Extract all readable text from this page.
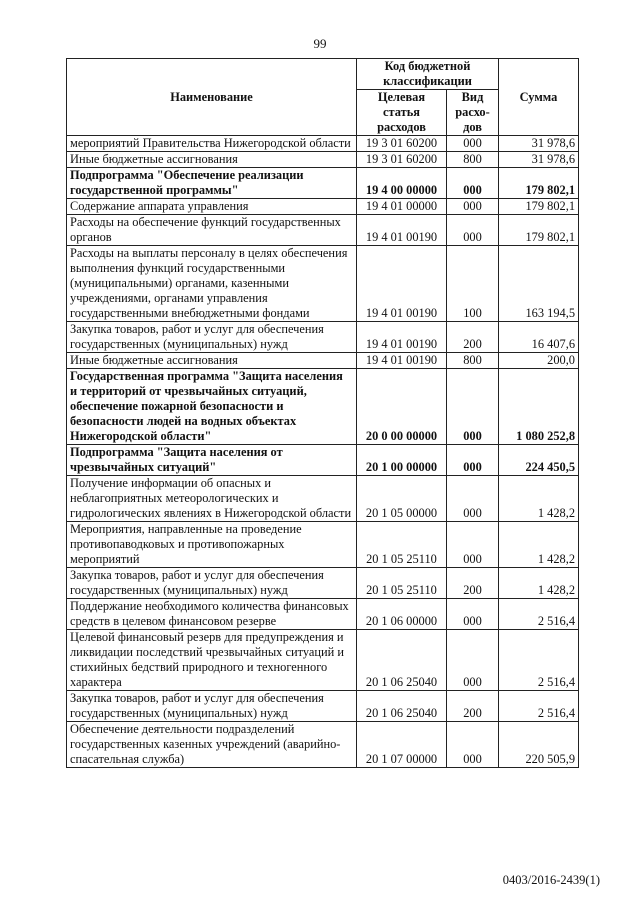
99
Наименование	Код бюджетной классификации		Сумма
	Целевая статья расходов	Вид расхо-дов	
мероприятий Правительства Нижегородской области	19 3 01 60200	000	31 978,6
Иные бюджетные ассигнования	19 3 01 60200	800	31 978,6
Подпрограмма "Обеспечение реализации государственной программы"	19 4 00 00000	000	179 802,1
Содержание аппарата управления	19 4 01 00000	000	179 802,1
Расходы на обеспечение функций государственных органов	19 4 01 00190	000	179 802,1
Расходы на выплаты персоналу в целях обеспечения выполнения функций государственными (муниципальными) органами, казенными учреждениями, органами управления государственными внебюджетными фондами	19 4 01 00190	100	163 194,5
Закупка товаров, работ и услуг для обеспечения государственных (муниципальных) нужд	19 4 01 00190	200	16 407,6
Иные бюджетные ассигнования	19 4 01 00190	800	200,0
Государственная программа "Защита населения и территорий от чрезвычайных ситуаций, обеспечение пожарной безопасности и безопасности людей на водных объектах Нижегородской области"	20 0 00 00000	000	1 080 252,8
Подпрограмма "Защита населения от чрезвычайных ситуаций"	20 1 00 00000	000	224 450,5
Получение информации об опасных и неблагоприятных метеорологических и гидрологических явлениях в Нижегородской области	20 1 05 00000	000	1 428,2
Мероприятия, направленные на проведение противопаводковых и противопожарных мероприятий	20 1 05 25110	000	1 428,2
Закупка товаров, работ и услуг для обеспечения государственных (муниципальных) нужд	20 1 05 25110	200	1 428,2
Поддержание необходимого количества финансовых средств в целевом финансовом резерве	20 1 06 00000	000	2 516,4
Целевой финансовый резерв для предупреждения и ликвидации последствий чрезвычайных ситуаций и стихийных бедствий природного и техногенного характера	20 1 06 25040	000	2 516,4
Закупка товаров, работ и услуг для обеспечения государственных (муниципальных) нужд	20 1 06 25040	200	2 516,4
Обеспечение деятельности подразделений государственных казенных учреждений (аварийно-спасательная служба)	20 1 07 00000	000	220 505,9
0403/2016-2439(1)
